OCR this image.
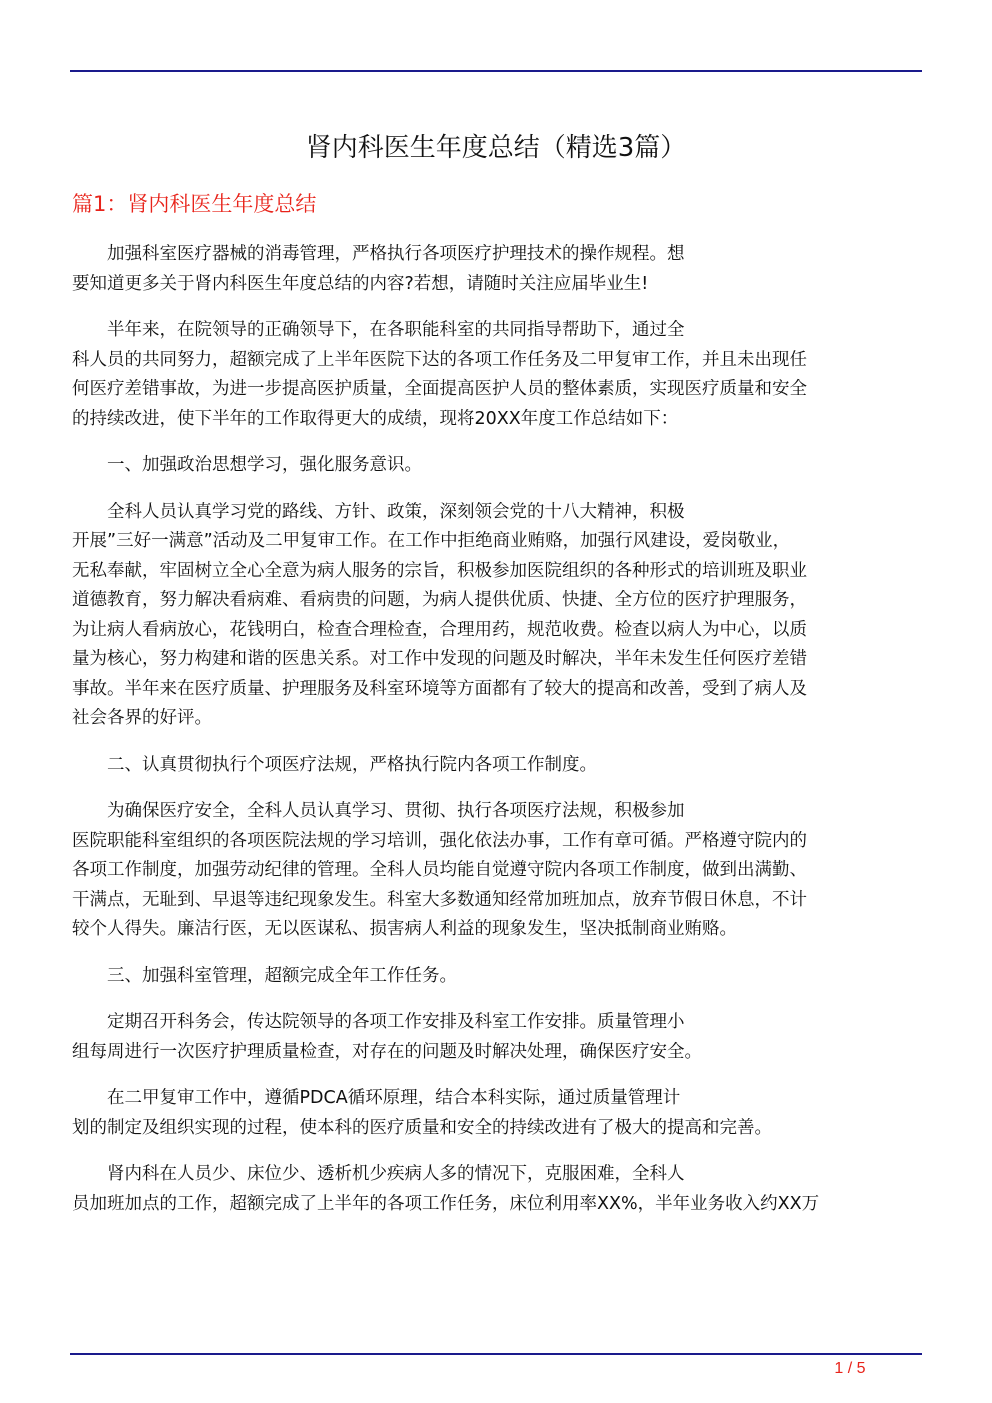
肾内科医生年度总结（精选3篇）
篇1：肾内科医生年度总结

加强科室医疗器械的消毒管理，严格执行各项医疗护理技术的操作规程。想
要知道更多关于肾内科医生年度总结的内容?若想，请随时关注应届毕业生!

半年来，在院领导的正确领导下，在各职能科室的共同指导帮助下，通过全
科人员的共同努力，超额完成了上半年医院下达的各项工作任务及二甲复审工作，并且未出现任
何医疗差错事故，为进一步提高医护质量，全面提高医护人员的整体素质，实现医疗质量和安全
的持续改进，使下半年的工作取得更大的成绩，现将20XX年度工作总结如下：

一、加强政治思想学习，强化服务意识。

全科人员认真学习党的路线、方针、政策，深刻领会党的十八大精神，积极
开展”三好一满意”活动及二甲复审工作。在工作中拒绝商业贿赂，加强行风建设，爱岗敬业，
无私奉献，牢固树立全心全意为病人服务的宗旨，积极参加医院组织的各种形式的培训班及职业
道德教育，努力解决看病难、看病贵的问题，为病人提供优质、快捷、全方位的医疗护理服务，
为让病人看病放心，花钱明白，检查合理检查，合理用药，规范收费。检查以病人为中心，以质
量为核心，努力构建和谐的医患关系。对工作中发现的问题及时解决，半年未发生任何医疗差错
事故。半年来在医疗质量、护理服务及科室环境等方面都有了较大的提高和改善，受到了病人及
社会各界的好评。

二、认真贯彻执行个项医疗法规，严格执行院内各项工作制度。

为确保医疗安全，全科人员认真学习、贯彻、执行各项医疗法规，积极参加
医院职能科室组织的各项医院法规的学习培训，强化依法办事，工作有章可循。严格遵守院内的
各项工作制度，加强劳动纪律的管理。全科人员均能自觉遵守院内各项工作制度，做到出满勤、
干满点，无耻到、早退等违纪现象发生。科室大多数通知经常加班加点，放弃节假日休息，不计
较个人得失。廉洁行医，无以医谋私、损害病人利益的现象发生，坚决抵制商业贿赂。

三、加强科室管理，超额完成全年工作任务。

定期召开科务会，传达院领导的各项工作安排及科室工作安排。质量管理小
组每周进行一次医疗护理质量检查，对存在的问题及时解决处理，确保医疗安全。

在二甲复审工作中，遵循PDCA循环原理，结合本科实际，通过质量管理计
划的制定及组织实现的过程，使本科的医疗质量和安全的持续改进有了极大的提高和完善。

肾内科在人员少、床位少、透析机少疾病人多的情况下，克服困难，全科人
员加班加点的工作，超额完成了上半年的各项工作任务，床位利用率XX%，半年业务收入约XX万

1 / 5
